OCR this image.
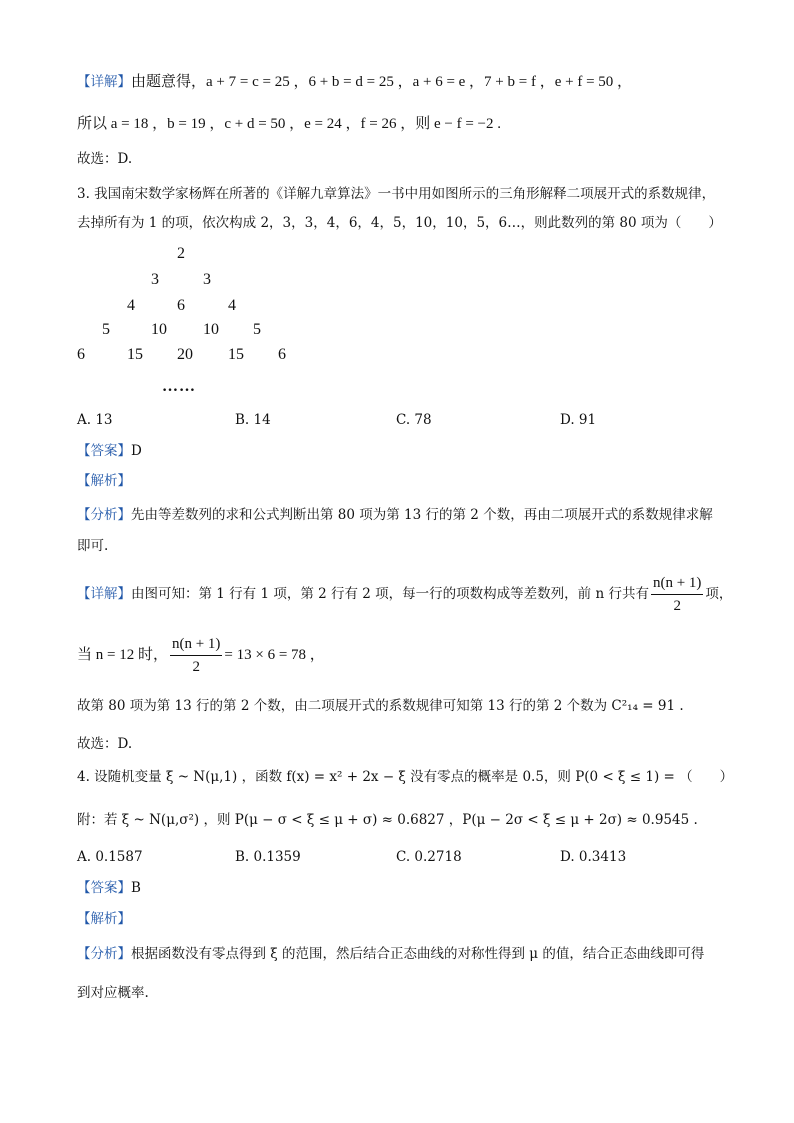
【详解】由题意得，a + 7 = c = 25 ，6 + b = d = 25 ，a + 6 = e ，7 + b = f ，e + f = 50 ，
所以 a = 18 ，b = 19 ，c + d = 50 ，e = 24 ，f = 26 ，则 e − f = −2 .
故选：D.
3. 我国南宋数学家杨辉在所著的《详解九章算法》一书中用如图所示的三角形解释二项展开式的系数规律，
去掉所有为 1 的项，依次构成 2，3，3，4，6，4，5，10，10，5，6…，则此数列的第 80 项为（　　）
2
3	3
4	6	4
5	10 10 5
6	15 20 15 6
……
A. 13	B. 14	C. 78	D. 91
【答案】D
【解析】
【分析】先由等差数列的求和公式判断出第 80 项为第 13 行的第 2 个数，再由二项展开式的系数规律求解
即可.
【详解】由图可知：第 1 行有 1 项，第 2 行有 2 项，每一行的项数构成等差数列，前 n 行共有 $\frac{n(n + 1)}{2}$ 项，
当 n = 12 时， $\frac{n(n + 1)}{2} = 13 \times 6 = 78$ ，
故第 80 项为第 13 行的第 2 个数，由二项展开式的系数规律可知第 13 行的第 2 个数为 C²₁₄ = 91 .
故选：D.
4. 设随机变量 ξ ~ N(μ,1) ，函数 f(x) = x² + 2x − ξ 没有零点的概率是 0.5，则 P(0 < ξ ≤ 1) = （　　）
附：若 ξ ~ N(μ,σ²) ，则 P(μ − σ < ξ ≤ μ + σ) ≈ 0.6827 ，P(μ − 2σ < ξ ≤ μ + 2σ) ≈ 0.9545 .
A. 0.1587	B. 0.1359	C. 0.2718	D. 0.3413
【答案】B
【解析】
【分析】根据函数没有零点得到 ξ 的范围，然后结合正态曲线的对称性得到 μ 的值，结合正态曲线即可得
到对应概率.
